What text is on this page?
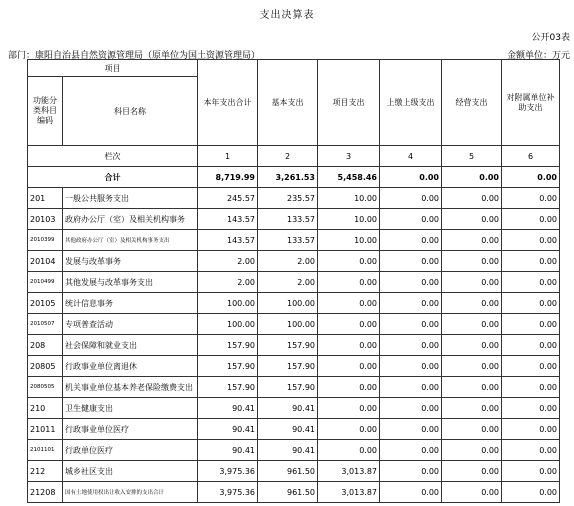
支出决算表
公开03表
部门：康阳自治县自然资源管理局（原单位为国土资源管理局）	金额单位：万元
项目		本年支出合计	基本支出	项目支出	上缴上级支出	经营支出	对附属单位补助支出
功能分类科目编码	科目名称						
栏次		1	2	3	4	5	6
合计		8,719.99	3,261.53	5,458.46	0.00	0.00	0.00
201	一般公共服务支出	245.57	235.57	10.00	0.00	0.00	0.00
20103	政府办公厅（室）及相关机构事务	143.57	133.57	10.00	0.00	0.00	0.00
2010399	其他政府办公厅（室）及相关机构事务支出	143.57	133.57	10.00	0.00	0.00	0.00
20104	发展与改革事务	2.00	2.00	0.00	0.00	0.00	0.00
2010499	其他发展与改革事务支出	2.00	2.00	0.00	0.00	0.00	0.00
20105	统计信息事务	100.00	100.00	0.00	0.00	0.00	0.00
2010507	专项普查活动	100.00	100.00	0.00	0.00	0.00	0.00
208	社会保障和就业支出	157.90	157.90	0.00	0.00	0.00	0.00
20805	行政事业单位离退休	157.90	157.90	0.00	0.00	0.00	0.00
2080505	机关事业单位基本养老保险缴费支出	157.90	157.90	0.00	0.00	0.00	0.00
210	卫生健康支出	90.41	90.41	0.00	0.00	0.00	0.00
21011	行政事业单位医疗	90.41	90.41	0.00	0.00	0.00	0.00
2101101	行政单位医疗	90.41	90.41	0.00	0.00	0.00	0.00
212	城乡社区支出	3,975.36	961.50	3,013.87	0.00	0.00	0.00
21208	国有土地使用权出让收入安排的支出合计	3,975.36	961.50	3,013.87	0.00	0.00	0.00
